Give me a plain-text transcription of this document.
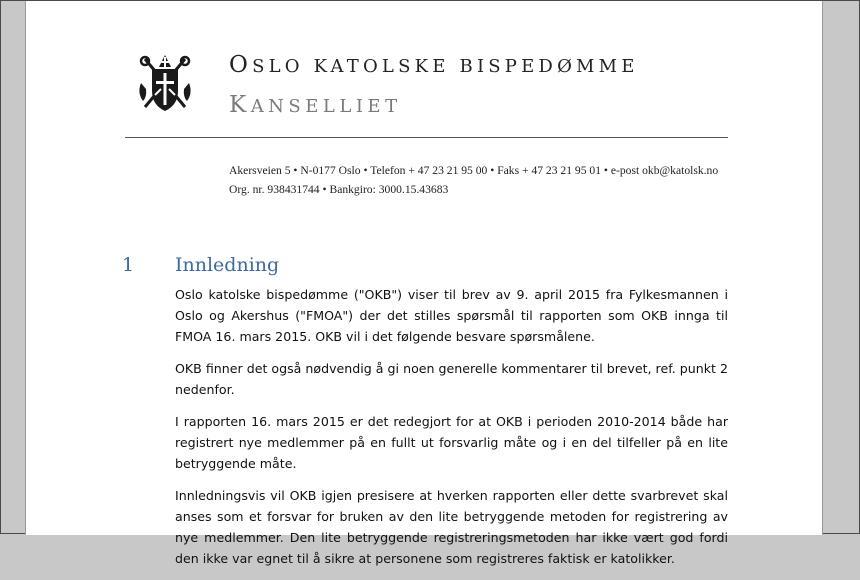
OSLO KATOLSKE BISPEDØMME
KANSELLIET
Akersveien 5 • N-0177 Oslo • Telefon + 47 23 21 95 00 • Faks + 47 23 21 95 01 • e-post okb@katolsk.no
Org. nr. 938431744 • Bankgiro: 3000.15.43683
1 Innledning

Oslo katolske bispedømme ("OKB") viser til brev av 9. april 2015 fra Fylkesmannen i Oslo og Akershus ("FMOA") der det stilles spørsmål til rapporten som OKB innga til FMOA 16. mars 2015. OKB vil i det følgende besvare spørsmålene.

OKB finner det også nødvendig å gi noen generelle kommentarer til brevet, ref. punkt 2 nedenfor.

I rapporten 16. mars 2015 er det redegjort for at OKB i perioden 2010-2014 både har registrert nye medlemmer på en fullt ut forsvarlig måte og i en del tilfeller på en lite betryggende måte.

Innledningsvis vil OKB igjen presisere at hverken rapporten eller dette svarbrevet skal anses som et forsvar for bruken av den lite betryggende metoden for registrering av nye medlemmer. Den lite betryggende registreringsmetoden har ikke vært god fordi den ikke var egnet til å sikre at personene som registreres faktisk er katolikker.
